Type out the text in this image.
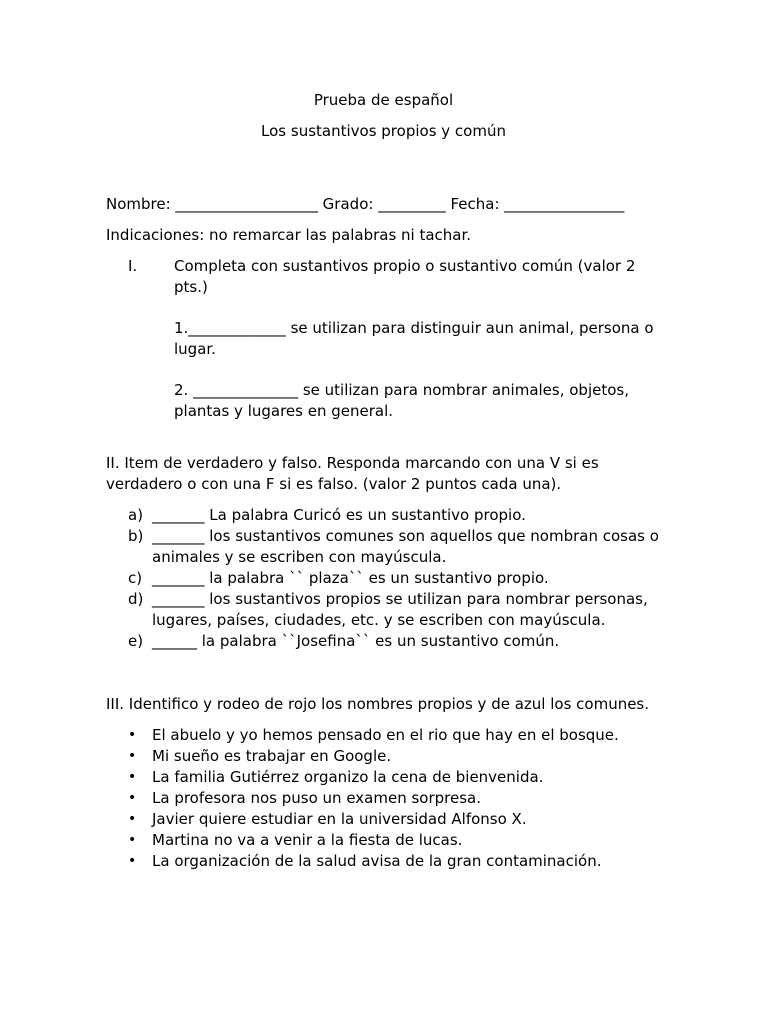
Prueba de español
Los sustantivos propios y común
Nombre: ___________________ Grado: _________ Fecha: ________________
Indicaciones: no remarcar las palabras ni tachar.
I. Completa con sustantivos propio o sustantivo común (valor 2 pts.)
1._____________ se utilizan para distinguir aun animal, persona o lugar.
2. ______________ se utilizan para nombrar animales, objetos, plantas y lugares en general.
II. Item de verdadero y falso. Responda marcando con una V si es verdadero o con una F si es falso. (valor 2 puntos cada una).
a) _______ La palabra Curicó es un sustantivo propio.
b) _______ los sustantivos comunes son aquellos que nombran cosas o animales y se escriben con mayúscula.
c) _______ la palabra `` plaza`` es un sustantivo propio.
d) _______ los sustantivos propios se utilizan para nombrar personas, lugares, países, ciudades, etc. y se escriben con mayúscula.
e) ______ la palabra ``Josefina`` es un sustantivo común.
III. Identifico y rodeo de rojo los nombres propios y de azul los comunes.
• El abuelo y yo hemos pensado en el rio que hay en el bosque.
• Mi sueño es trabajar en Google.
• La familia Gutiérrez organizo la cena de bienvenida.
• La profesora nos puso un examen sorpresa.
• Javier quiere estudiar en la universidad Alfonso X.
• Martina no va a venir a la fiesta de lucas.
• La organización de la salud avisa de la gran contaminación.
